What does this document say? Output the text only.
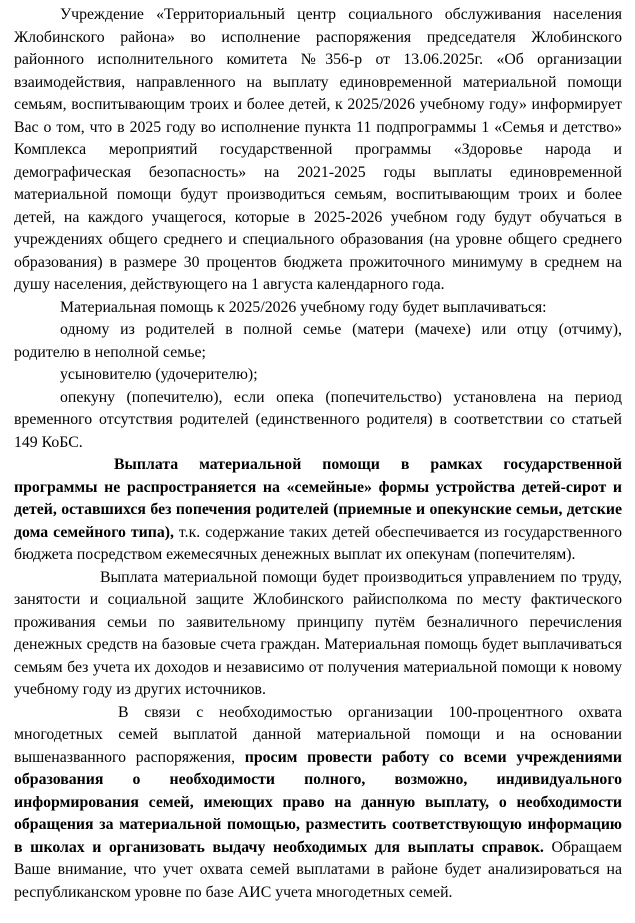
Учреждение «Территориальный центр социального обслуживания населения Жлобинского района» во исполнение распоряжения председателя Жлобинского районного исполнительного комитета №356-р от 13.06.2025г. «Об организации взаимодействия, направленного на выплату единовременной материальной помощи семьям, воспитывающим троих и более детей, к 2025/2026 учебному году» информирует Вас о том, что в 2025 году во исполнение пункта 11 подпрограммы 1 «Семья и детство» Комплекса мероприятий государственной программы «Здоровье народа и демографическая безопасность» на 2021-2025 годы выплаты единовременной материальной помощи будут производиться семьям, воспитывающим троих и более детей, на каждого учащегося, которые в 2025-2026 учебном году будут обучаться в учреждениях общего среднего и специального образования (на уровне общего среднего образования) в размере 30 процентов бюджета прожиточного минимуму в среднем на душу населения, действующего на 1 августа календарного года.

Материальная помощь к 2025/2026 учебному году будет выплачиваться:

одному из родителей в полной семье (матери (мачехе) или отцу (отчиму), родителю в неполной семье;

усыновителю (удочерителю);

опекуну (попечителю), если опека (попечительство) установлена на период временного отсутствия родителей (единственного родителя) в соответствии со статьей 149 КоБС.

Выплата материальной помощи в рамках государственной программы не распространяется на «семейные» формы устройства детей-сирот и детей, оставшихся без попечения родителей (приемные и опекунские семьи, детские дома семейного типа), т.к. содержание таких детей обеспечивается из государственного бюджета посредством ежемесячных денежных выплат их опекунам (попечителям).

Выплата материальной помощи будет производиться управлением по труду, занятости и социальной защите Жлобинского райисполкома по месту фактического проживания семьи по заявительному принципу путём безналичного перечисления денежных средств на базовые счета граждан. Материальная помощь будет выплачиваться семьям без учета их доходов и независимо от получения материальной помощи к новому учебному году из других источников.

В связи с необходимостью организации 100-процентного охвата многодетных семей выплатой данной материальной помощи и на основании вышеназванного распоряжения, просим провести работу со всеми учреждениями образования о необходимости полного, возможно, индивидуального информирования семей, имеющих право на данную выплату, о необходимости обращения за материальной помощью, разместить соответствующую информацию в школах и организовать выдачу необходимых для выплаты справок. Обращаем Ваше внимание, что учет охвата семей выплатами в районе будет анализироваться на республиканском уровне по базе АИС учета многодетных семей.
